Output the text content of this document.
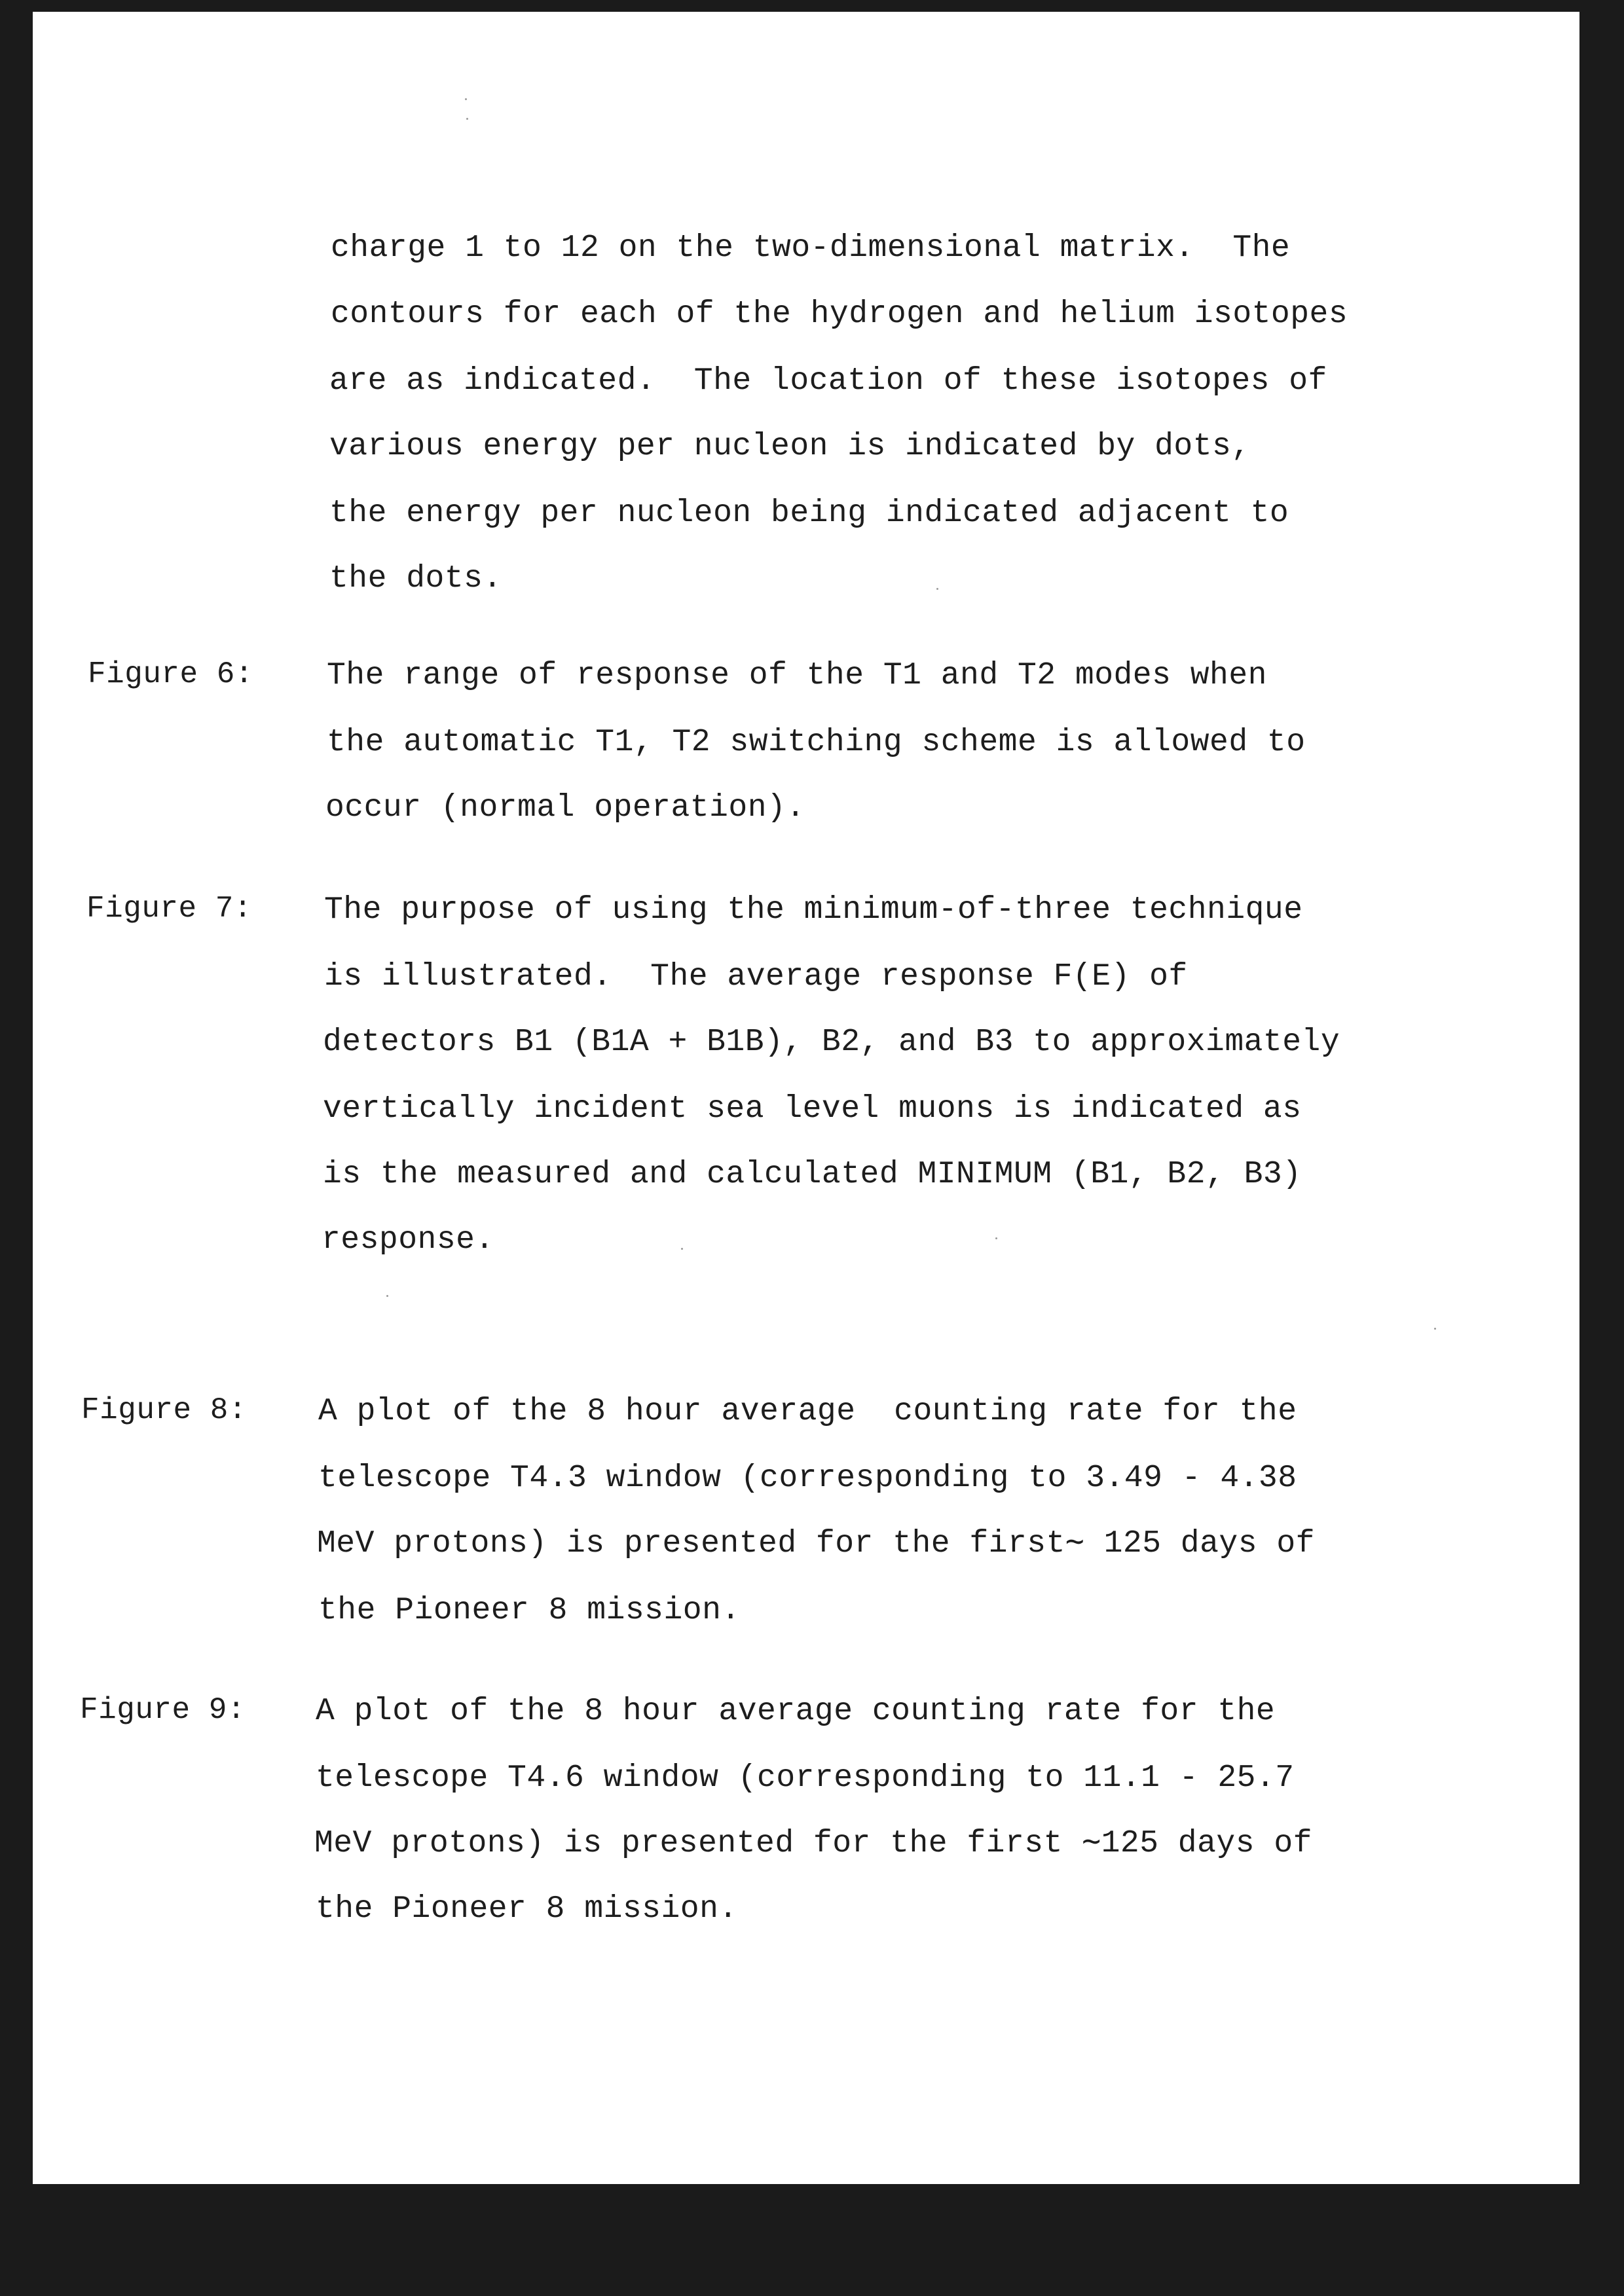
charge 1 to 12 on the two-dimensional matrix.  The
contours for each of the hydrogen and helium isotopes
are as indicated.  The location of these isotopes of
various energy per nucleon is indicated by dots,
the energy per nucleon being indicated adjacent to
the dots.
Figure 6: The range of response of the T1 and T2 modes when
the automatic T1, T2 switching scheme is allowed to
occur (normal operation).
Figure 7: The purpose of using the minimum-of-three technique
is illustrated.  The average response F(E) of
detectors B1 (B1A + B1B), B2, and B3 to approximately
vertically incident sea level muons is indicated as
is the measured and calculated MINIMUM (B1, B2, B3)
response.
Figure 8: A plot of the 8 hour average  counting rate for the
telescope T4.3 window (corresponding to 3.49 - 4.38
MeV protons) is presented for the first∼ 125 days of
the Pioneer 8 mission.
Figure 9: A plot of the 8 hour average counting rate for the
telescope T4.6 window (corresponding to 11.1 - 25.7
MeV protons) is presented for the first ∼125 days of
the Pioneer 8 mission.
